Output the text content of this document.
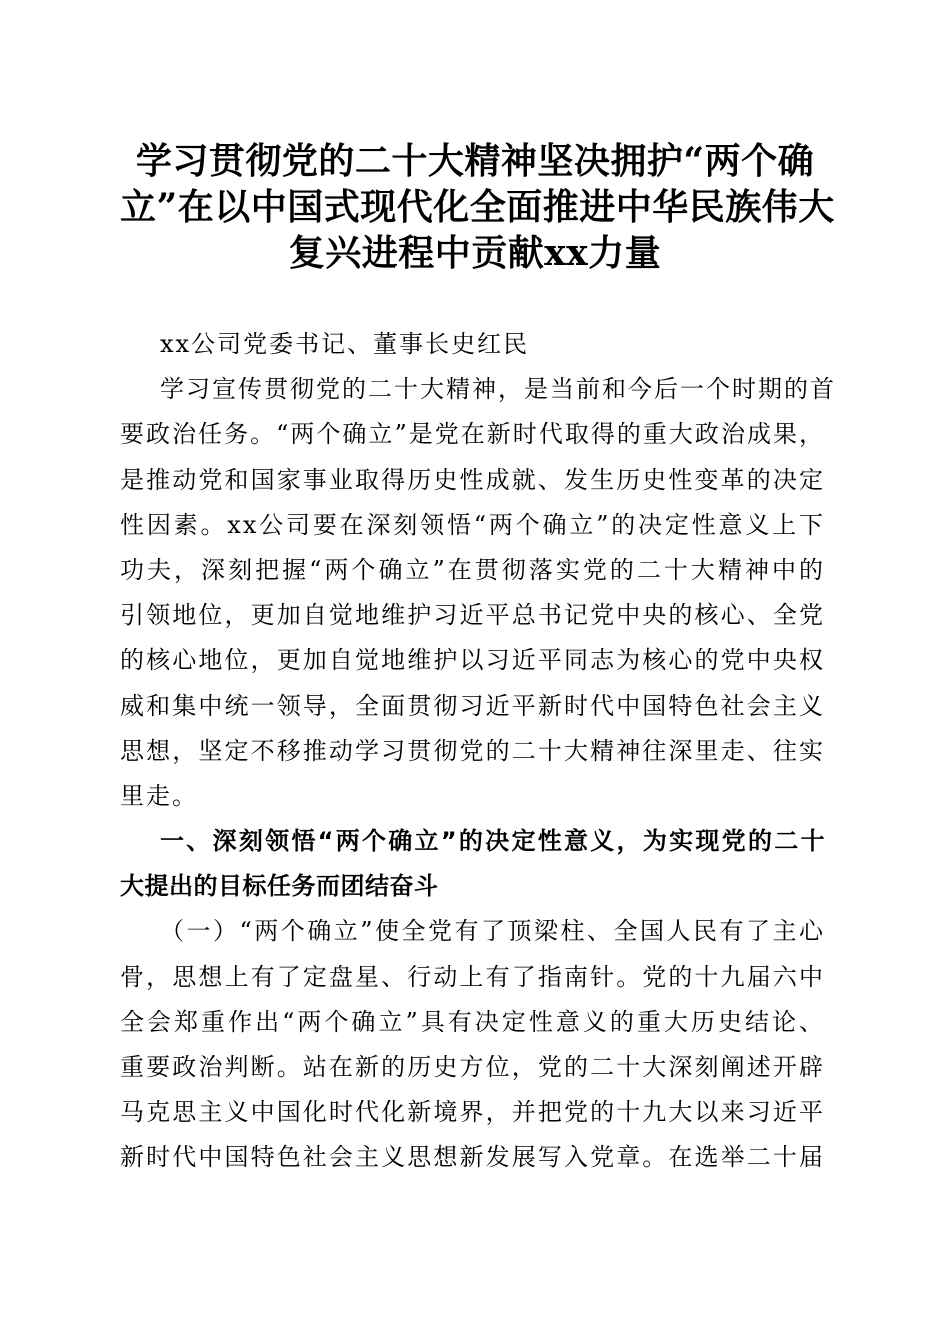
学习贯彻党的二十大精神坚决拥护“两个确
立”在以中国式现代化全面推进中华民族伟大
复兴进程中贡献xx力量
xx公司党委书记、董事长史红民
学习宣传贯彻党的二十大精神，是当前和今后一个时期的首
要政治任务。“两个确立”是党在新时代取得的重大政治成果，
是推动党和国家事业取得历史性成就、发生历史性变革的决定
性因素。xx公司要在深刻领悟“两个确立”的决定性意义上下
功夫，深刻把握“两个确立”在贯彻落实党的二十大精神中的
引领地位，更加自觉地维护习近平总书记党中央的核心、全党
的核心地位，更加自觉地维护以习近平同志为核心的党中央权
威和集中统一领导，全面贯彻习近平新时代中国特色社会主义
思想，坚定不移推动学习贯彻党的二十大精神往深里走、往实
里走。
一、深刻领悟“两个确立”的决定性意义，为实现党的二十
大提出的目标任务而团结奋斗
（一）“两个确立”使全党有了顶梁柱、全国人民有了主心
骨，思想上有了定盘星、行动上有了指南针。党的十九届六中
全会郑重作出“两个确立”具有决定性意义的重大历史结论、
重要政治判断。站在新的历史方位，党的二十大深刻阐述开辟
马克思主义中国化时代化新境界，并把党的十九大以来习近平
新时代中国特色社会主义思想新发展写入党章。在选举二十届
